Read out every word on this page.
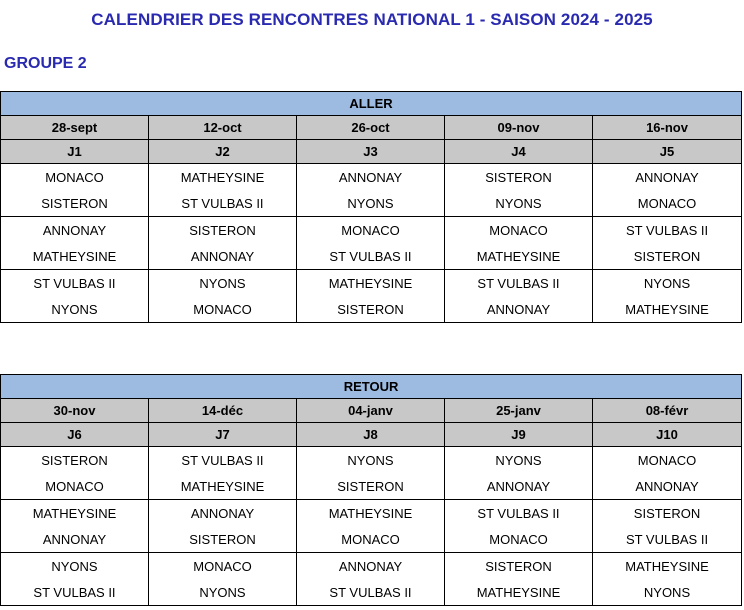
CALENDRIER DES RENCONTRES NATIONAL 1 - SAISON 2024 - 2025
GROUPE 2
ALLER				
28-sept	12-oct	26-oct	09-nov	16-nov
J1	J2	J3	J4	J5
MONACO	MATHEYSINE	ANNONAY	SISTERON	ANNONAY
SISTERON	ST VULBAS II	NYONS	NYONS	MONACO
ANNONAY	SISTERON	MONACO	MONACO	ST VULBAS II
MATHEYSINE	ANNONAY	ST VULBAS II	MATHEYSINE	SISTERON
ST VULBAS II	NYONS	MATHEYSINE	ST VULBAS II	NYONS
NYONS	MONACO	SISTERON	ANNONAY	MATHEYSINE
RETOUR				
30-nov	14-déc	04-janv	25-janv	08-févr
J6	J7	J8	J9	J10
SISTERON	ST VULBAS II	NYONS	NYONS	MONACO
MONACO	MATHEYSINE	SISTERON	ANNONAY	ANNONAY
MATHEYSINE	ANNONAY	MATHEYSINE	ST VULBAS II	SISTERON
ANNONAY	SISTERON	MONACO	MONACO	ST VULBAS II
NYONS	MONACO	ANNONAY	SISTERON	MATHEYSINE
ST VULBAS II	NYONS	ST VULBAS II	MATHEYSINE	NYONS
